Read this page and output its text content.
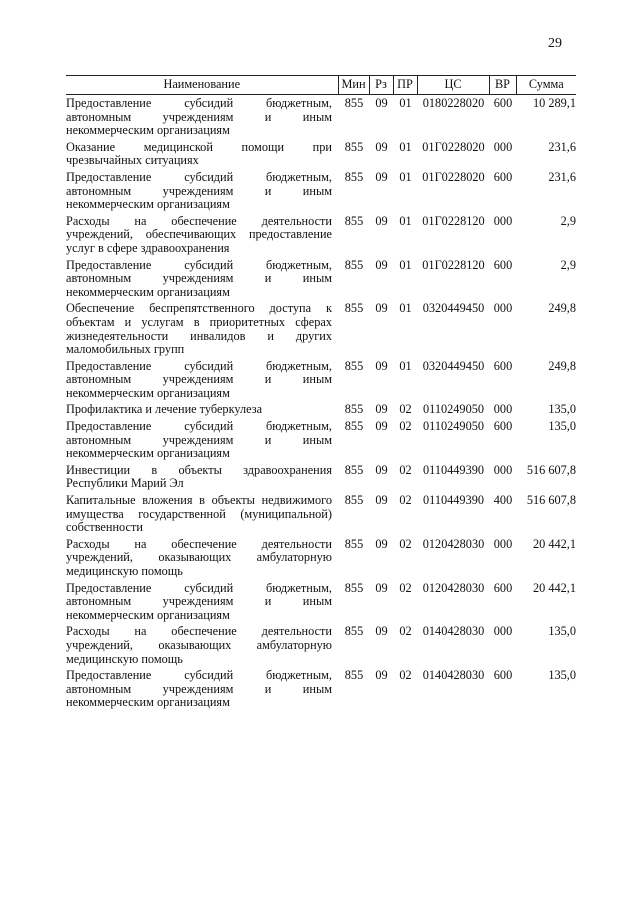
29
Наименование	Мин	Рз	ПР	ЦС	ВР	Сумма
Предоставление субсидий бюджетным, автономным учреждениям и иным некоммерческим организациям	855	09	01	0180228020	600	10 289,1
Оказание медицинской помощи при чрезвычайных ситуациях	855	09	01	01Г0228020	000	231,6
Предоставление субсидий бюджетным, автономным учреждениям и иным некоммерческим организациям	855	09	01	01Г0228020	600	231,6
Расходы на обеспечение деятельности учреждений, обеспечивающих предоставление услуг в сфере здравоохранения	855	09	01	01Г0228120	000	2,9
Предоставление субсидий бюджетным, автономным учреждениям и иным некоммерческим организациям	855	09	01	01Г0228120	600	2,9
Обеспечение беспрепятственного доступа к объектам и услугам в приоритетных сферах жизнедеятельности инвалидов и других маломобильных групп	855	09	01	0320449450	000	249,8
Предоставление субсидий бюджетным, автономным учреждениям и иным некоммерческим организациям	855	09	01	0320449450	600	249,8
Профилактика и лечение туберкулеза	855	09	02	0110249050	000	135,0
Предоставление субсидий бюджетным, автономным учреждениям и иным некоммерческим организациям	855	09	02	0110249050	600	135,0
Инвестиции в объекты здравоохранения Республики Марий Эл	855	09	02	0110449390	000	516 607,8
Капитальные вложения в объекты недвижимого имущества государственной (муниципальной) собственности	855	09	02	0110449390	400	516 607,8
Расходы на обеспечение деятельности учреждений, оказывающих амбулаторную медицинскую помощь	855	09	02	0120428030	000	20 442,1
Предоставление субсидий бюджетным, автономным учреждениям и иным некоммерческим организациям	855	09	02	0120428030	600	20 442,1
Расходы на обеспечение деятельности учреждений, оказывающих амбулаторную медицинскую помощь	855	09	02	0140428030	000	135,0
Предоставление субсидий бюджетным, автономным учреждениям и иным некоммерческим организациям	855	09	02	0140428030	600	135,0
